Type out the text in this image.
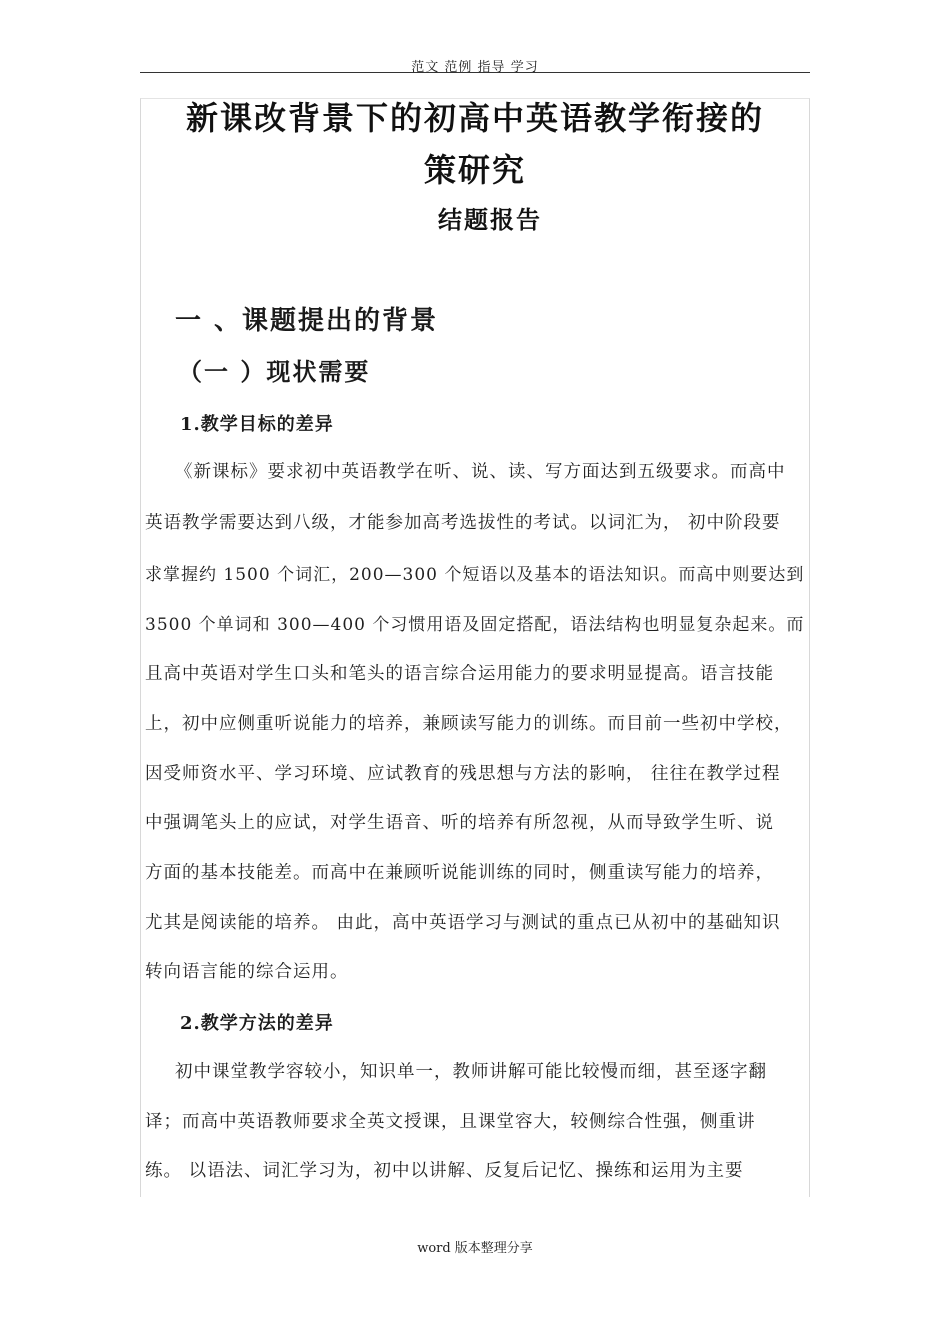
范文 范例 指导 学习
新课改背景下的初高中英语教学衔接的
策研究
结题报告
一 、课题提出的背景
（一 ）现状需要
1.教学目标的差异
《新课标》要求初中英语教学在听、说、读、写方面达到五级要求。而高中
英语教学需要达到八级，才能参加高考选拔性的考试。以词汇为， 初中阶段要
求掌握约 1500 个词汇，200—300 个短语以及基本的语法知识。而高中则要达到
3500 个单词和 300—400 个习惯用语及固定搭配，语法结构也明显复杂起来。而
且高中英语对学生口头和笔头的语言综合运用能力的要求明显提高。语言技能
上，初中应侧重听说能力的培养，兼顾读写能力的训练。而目前一些初中学校，
因受师资水平、学习环境、应试教育的残思想与方法的影响， 往往在教学过程
中强调笔头上的应试，对学生语音、听的培养有所忽视，从而导致学生听、说
方面的基本技能差。而高中在兼顾听说能训练的同时，侧重读写能力的培养，
尤其是阅读能的培养。 由此，高中英语学习与测试的重点已从初中的基础知识
转向语言能的综合运用。
2.教学方法的差异
初中课堂教学容较小，知识单一，教师讲解可能比较慢而细，甚至逐字翻
译；而高中英语教师要求全英文授课，且课堂容大，较侧综合性强，侧重讲
练。 以语法、词汇学习为，初中以讲解、反复后记忆、操练和运用为主要
word 版本整理分享
